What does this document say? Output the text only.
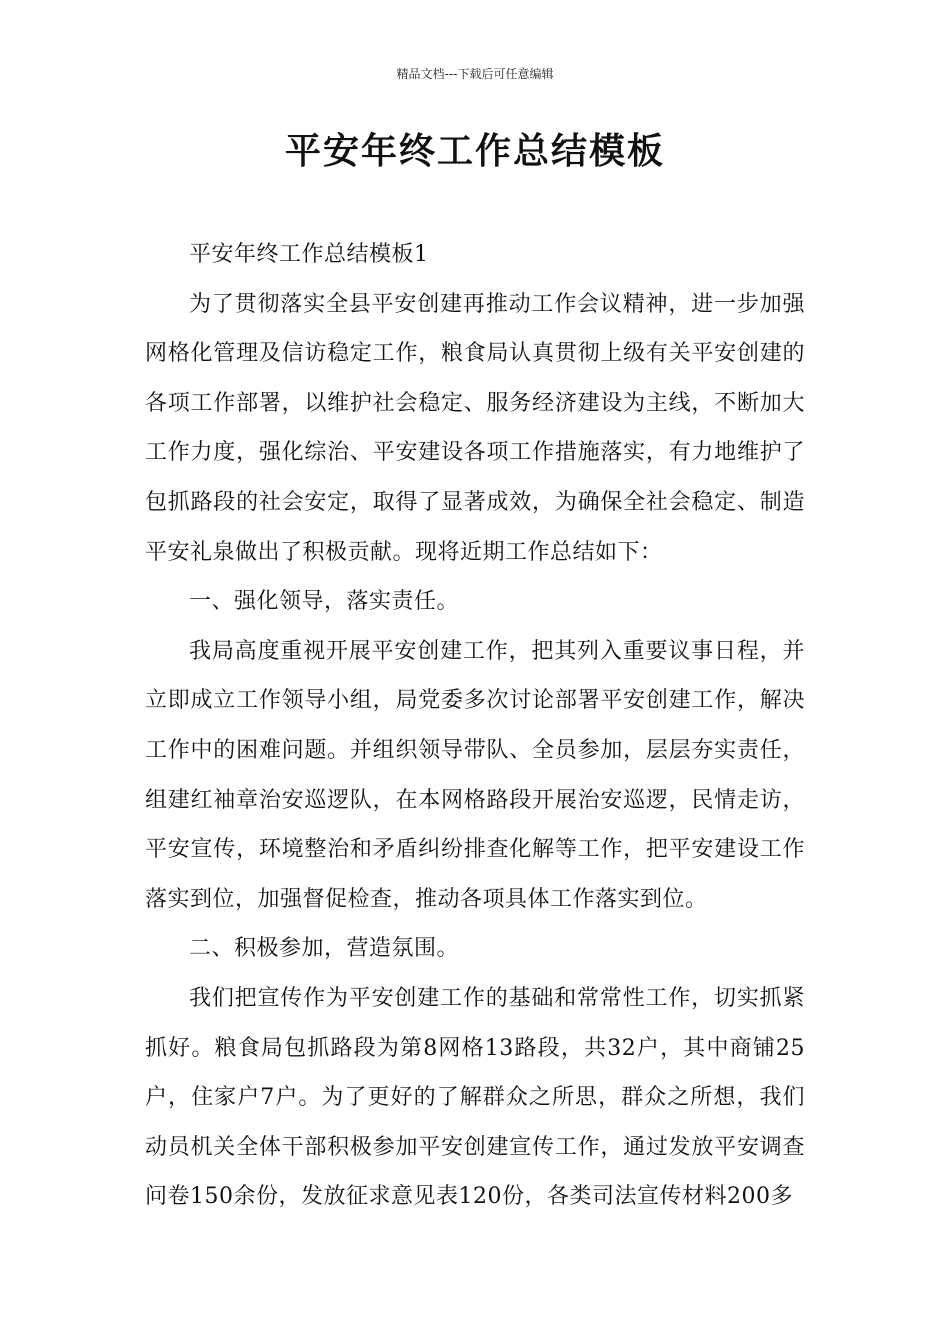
精品文档---下载后可任意编辑
平安年终工作总结模板

平安年终工作总结模板1

为了贯彻落实全县平安创建再推动工作会议精神，进一步加强网格化管理及信访稳定工作，粮食局认真贯彻上级有关平安创建的各项工作部署，以维护社会稳定、服务经济建设为主线，不断加大工作力度，强化综治、平安建设各项工作措施落实，有力地维护了包抓路段的社会安定，取得了显著成效，为确保全社会稳定、制造平安礼泉做出了积极贡献。现将近期工作总结如下：

一、强化领导，落实责任。

我局高度重视开展平安创建工作，把其列入重要议事日程，并立即成立工作领导小组，局党委多次讨论部署平安创建工作，解决工作中的困难问题。并组织领导带队、全员参加，层层夯实责任，组建红袖章治安巡逻队，在本网格路段开展治安巡逻，民情走访，平安宣传，环境整治和矛盾纠纷排查化解等工作，把平安建设工作落实到位，加强督促检查，推动各项具体工作落实到位。

二、积极参加，营造氛围。

我们把宣传作为平安创建工作的基础和常常性工作，切实抓紧抓好。粮食局包抓路段为第8网格13路段，共32户，其中商铺25户，住家户7户。为了更好的了解群众之所思，群众之所想，我们动员机关全体干部积极参加平安创建宣传工作，通过发放平安调查问卷150余份，发放征求意见表120份，各类司法宣传材料200多
